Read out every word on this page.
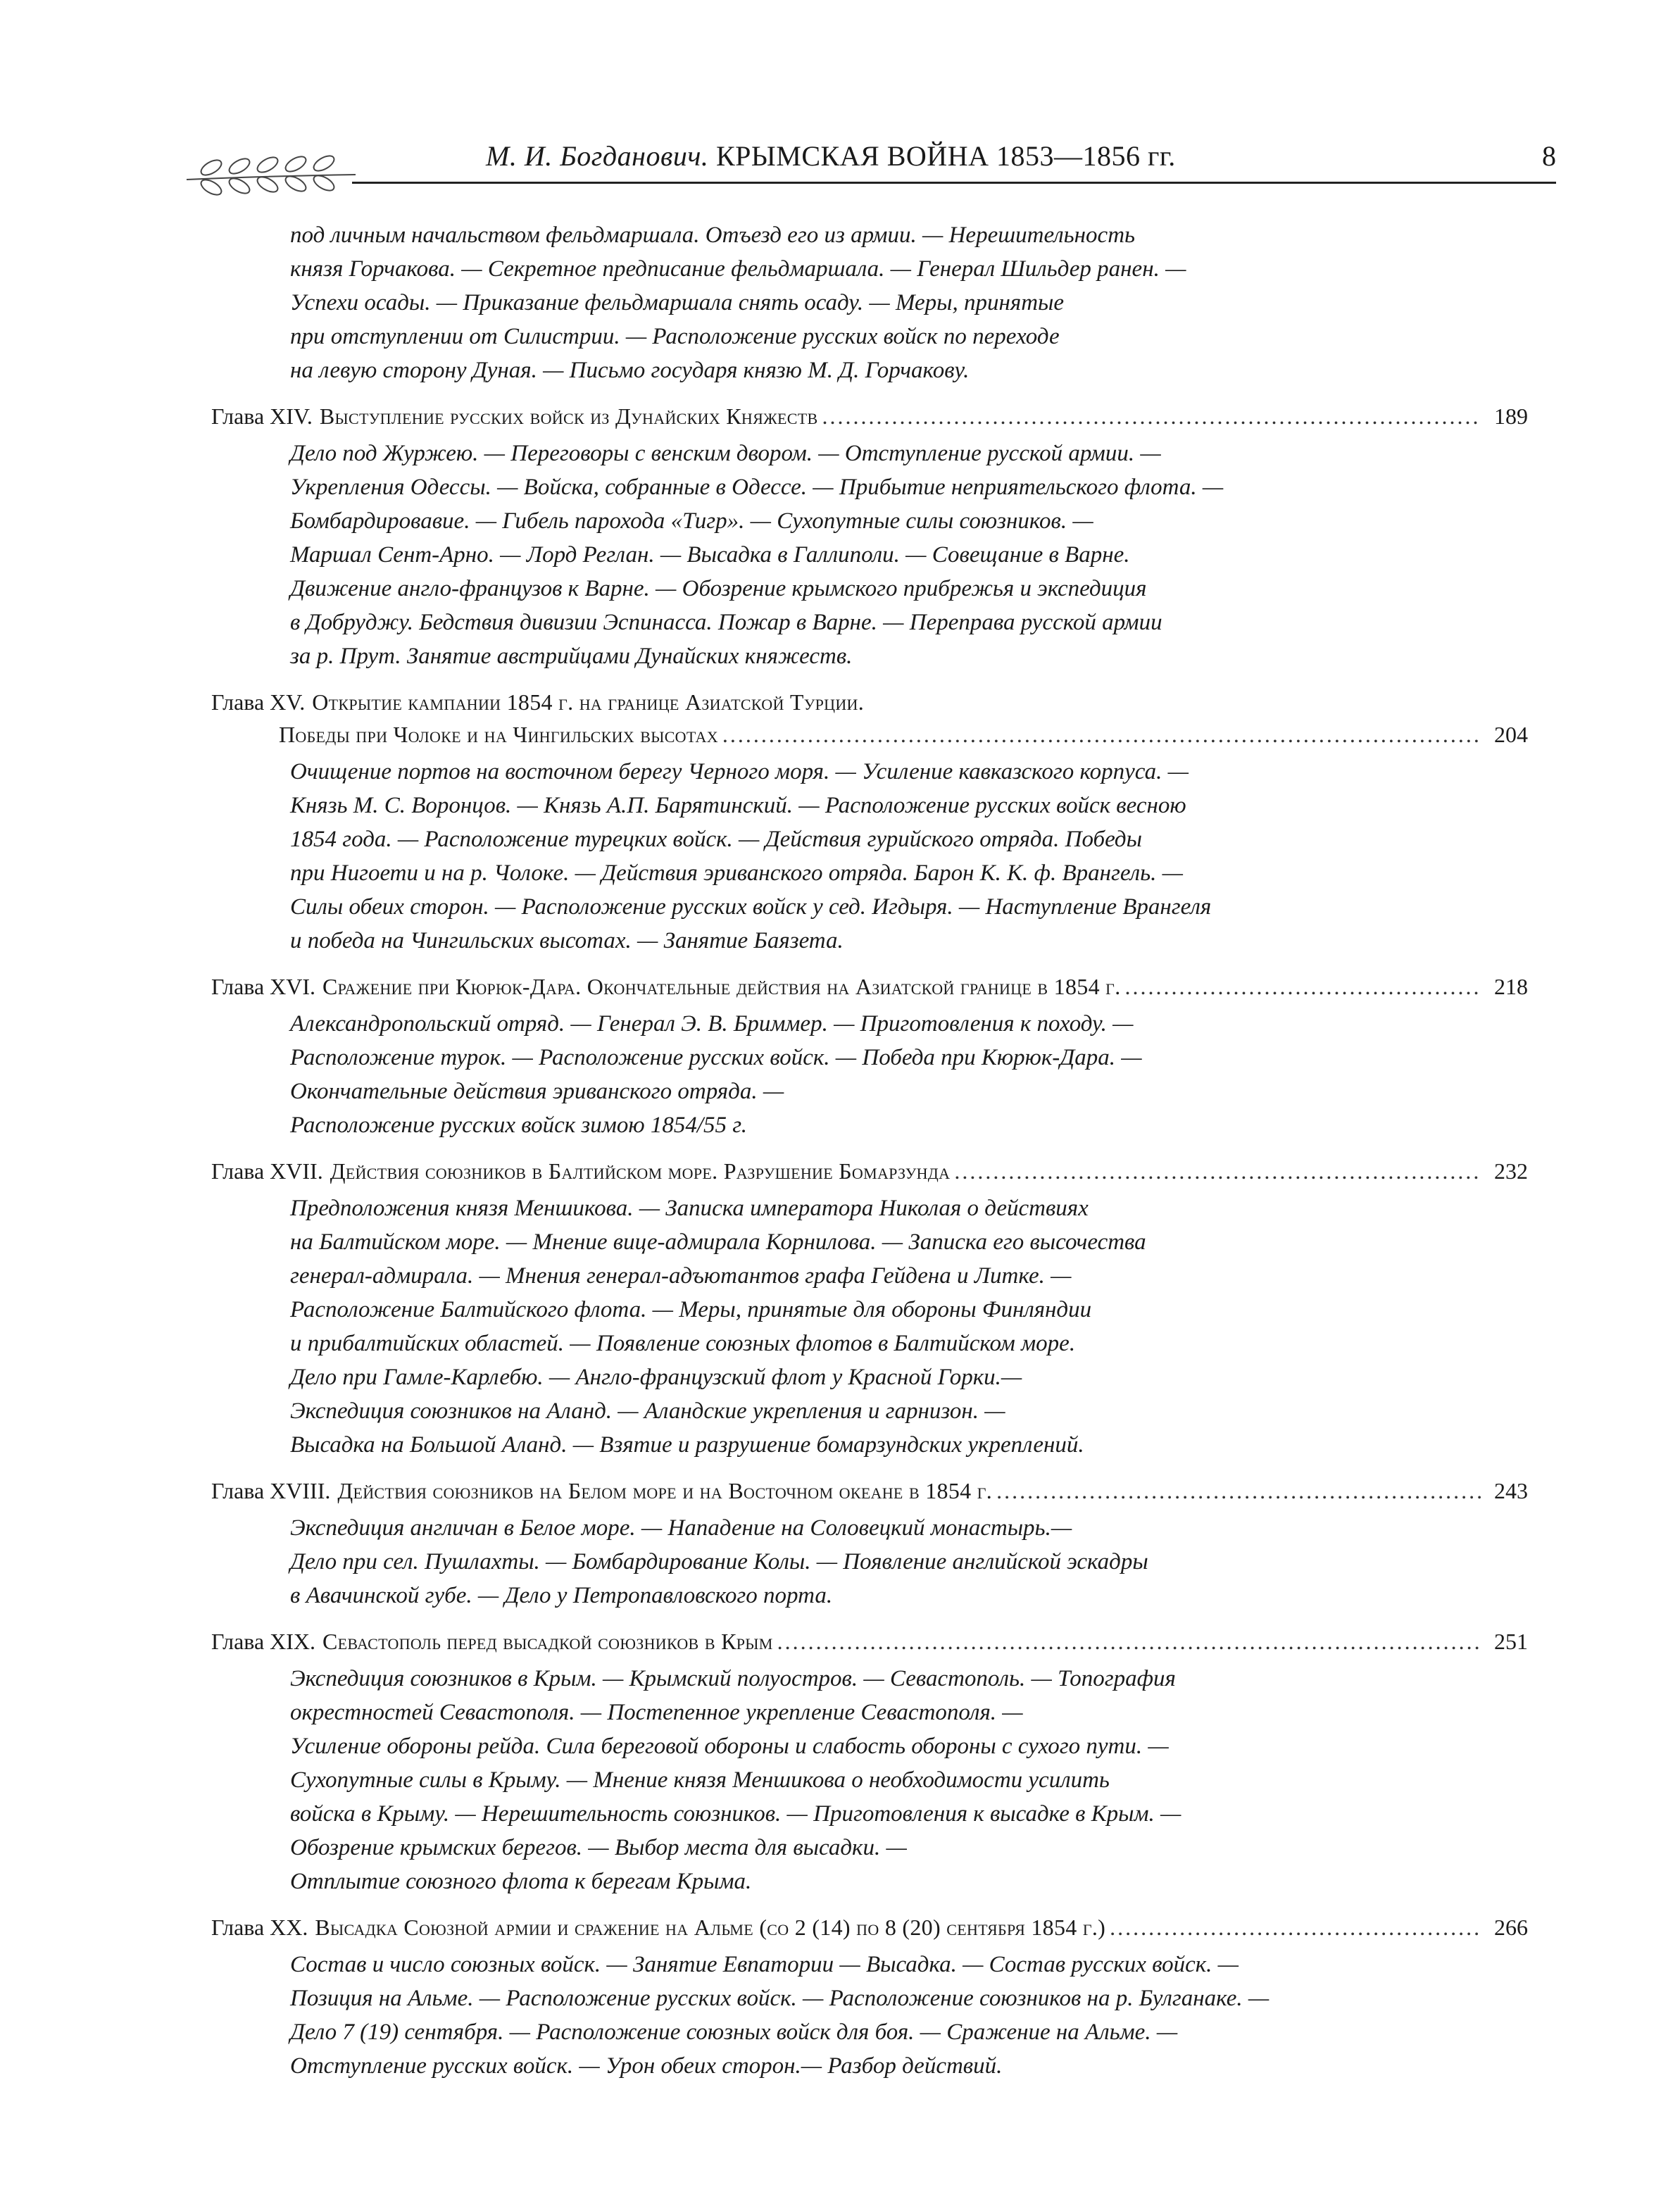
М. И. Богданович. КРЫМСКАЯ ВОЙНА 1853—1856 гг.	8
под личным начальством фельдмаршала. Отъезд его из армии. — Нерешительность
князя Горчакова. — Секретное предписание фельдмаршала. — Генерал Шильдер ранен. —
Успехи осады. — Приказание фельдмаршала снять осаду. — Меры, принятые
при отступлении от Силистрии. — Расположение русских войск по переходе
на левую сторону Дуная. — Письмо государя князю М. Д. Горчакову.
Глава XIV. Выступление русских войск из Дунайских Княжеств .....	189
Дело под Журжею. — Переговоры с венским двором. — Отступление русской армии. —
Укрепления Одессы. — Войска, собранные в Одессе. — Прибытие неприятельского флота. —
Бомбардировавие. — Гибель парохода «Тигр». — Сухопутные силы союзников. —
Маршал Сент-Арно. — Лорд Реглан. — Высадка в Галлиполи. — Совещание в Варне.
Движение англо-французов к Варне. — Обозрение крымского прибрежья и экспедиция
в Добруджу. Бедствия дивизии Эспинасса. Пожар в Варне. — Переправа русской армии
за р. Прут. Занятие австрийцами Дунайских княжеств.
Глава XV. Открытие кампании 1854 г. на границе Азиатской Турции.
Победы при Чолоке и на Чингильских высотах .....	204
Очищение портов на восточном берегу Черного моря. — Усиление кавказского корпуса. —
Князь М. С. Воронцов. — Князь А.П. Барятинский. — Расположение русских войск весною
1854 года. — Расположение турецких войск. — Действия гурийского отряда. Победы
при Нигоети и на р. Чолоке. — Действия эриванского отряда. Барон К. К. ф. Врангель. —
Силы обеих сторон. — Расположение русских войск у сед. Игдыря. — Наступление Врангеля
и победа на Чингильских высотах. — Занятие Баязета.
Глава XVI. Сражение при Кюрюк-Дара. Окончательные действия на Азиатской границе в 1854 г. .....	218
Александропольский отряд. — Генерал Э. В. Бриммер. — Приготовления к походу. —
Расположение турок. — Расположение русских войск. — Победа при Кюрюк-Дара. —
Окончательные действия эриванского отряда. —
Расположение русских войск зимою 1854/55 г.
Глава XVII. Действия союзников в Балтийском море. Разрушение Бомарзунда .....	232
Предположения князя Меншикова. — Записка императора Николая о действиях
на Балтийском море. — Мнение вице-адмирала Корнилова. — Записка его высочества
генерал-адмирала. — Мнения генерал-адъютантов графа Гейдена и Литке. —
Расположение Балтийского флота. — Меры, принятые для обороны Финляндии
и прибалтийских областей. — Появление союзных флотов в Балтийском море.
Дело при Гамле-Карлебю. — Англо-французский флот у Красной Горки.—
Экспедиция союзников на Аланд. — Аландские укрепления и гарнизон. —
Высадка на Большой Аланд. — Взятие и разрушение бомарзундских укреплений.
Глава XVIII. Действия союзников на Белом море и на Восточном океане в 1854 г. .....	243
Экспедиция англичан в Белое море. — Нападение на Соловецкий монастырь.—
Дело при сел. Пушлахты. — Бомбардирование Колы. — Появление английской эскадры
в Авачинской губе. — Дело у Петропавловского порта.
Глава XIX. Севастополь перед высадкой союзников в Крым .....	251
Экспедиция союзников в Крым. — Крымский полуостров. — Севастополь. — Топография
окрестностей Севастополя. — Постепенное укрепление Севастополя. —
Усиление обороны рейда. Сила береговой обороны и слабость обороны с сухого пути. —
Сухопутные силы в Крыму. — Мнение князя Меншикова о необходимости усилить
войска в Крыму. — Нерешительность союзников. — Приготовления к высадке в Крым. —
Обозрение крымских берегов. — Выбор места для высадки. —
Отплытие союзного флота к берегам Крыма.
Глава XX. Высадка Союзной армии и сражение на Альме (со 2 (14) по 8 (20) сентября 1854 г.) .....	266
Состав и число союзных войск. — Занятие Евпатории — Высадка. — Состав русских войск. —
Позиция на Альме. — Расположение русских войск. — Расположение союзников на р. Булганаке. —
Дело 7 (19) сентября. — Расположение союзных войск для боя. — Сражение на Альме. —
Отступление русских войск. — Урон обеих сторон.— Разбор действий.
